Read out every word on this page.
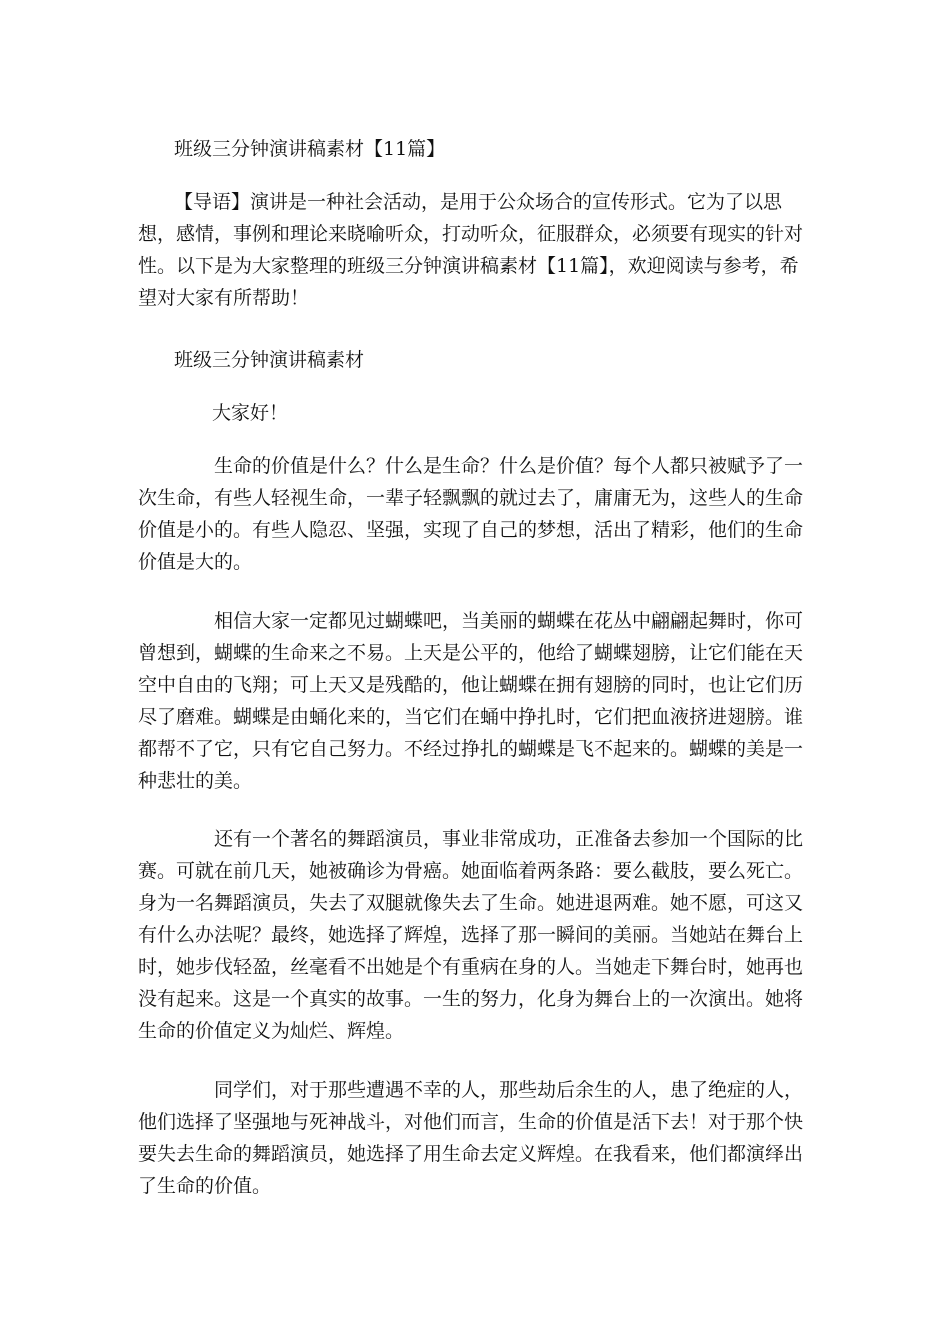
班级三分钟演讲稿素材【11篇】

【导语】演讲是一种社会活动，是用于公众场合的宣传形式。它为了以思想，感情，事例和理论来晓喻听众，打动听众，征服群众，必须要有现实的针对性。以下是为大家整理的班级三分钟演讲稿素材【11篇】，欢迎阅读与参考，希望对大家有所帮助！

班级三分钟演讲稿素材

大家好！

生命的价值是什么？什么是生命？什么是价值？每个人都只被赋予了一次生命，有些人轻视生命，一辈子轻飘飘的就过去了，庸庸无为，这些人的生命价值是小的。有些人隐忍、坚强，实现了自己的梦想，活出了精彩，他们的生命价值是大的。

相信大家一定都见过蝴蝶吧，当美丽的蝴蝶在花丛中翩翩起舞时，你可曾想到，蝴蝶的生命来之不易。上天是公平的，他给了蝴蝶翅膀，让它们能在天空中自由的飞翔；可上天又是残酷的，他让蝴蝶在拥有翅膀的同时，也让它们历尽了磨难。蝴蝶是由蛹化来的，当它们在蛹中挣扎时，它们把血液挤进翅膀。谁都帮不了它，只有它自己努力。不经过挣扎的蝴蝶是飞不起来的。蝴蝶的美是一种悲壮的美。

还有一个著名的舞蹈演员，事业非常成功，正准备去参加一个国际的比赛。可就在前几天，她被确诊为骨癌。她面临着两条路：要么截肢，要么死亡。身为一名舞蹈演员，失去了双腿就像失去了生命。她进退两难。她不愿，可这又有什么办法呢？最终，她选择了辉煌，选择了那一瞬间的美丽。当她站在舞台上时，她步伐轻盈，丝毫看不出她是个有重病在身的人。当她走下舞台时，她再也没有起来。这是一个真实的故事。一生的努力，化身为舞台上的一次演出。她将生命的价值定义为灿烂、辉煌。

同学们，对于那些遭遇不幸的人，那些劫后余生的人，患了绝症的人，他们选择了坚强地与死神战斗，对他们而言，生命的价值是活下去！对于那个快要失去生命的舞蹈演员，她选择了用生命去定义辉煌。在我看来，他们都演绎出了生命的价值。
